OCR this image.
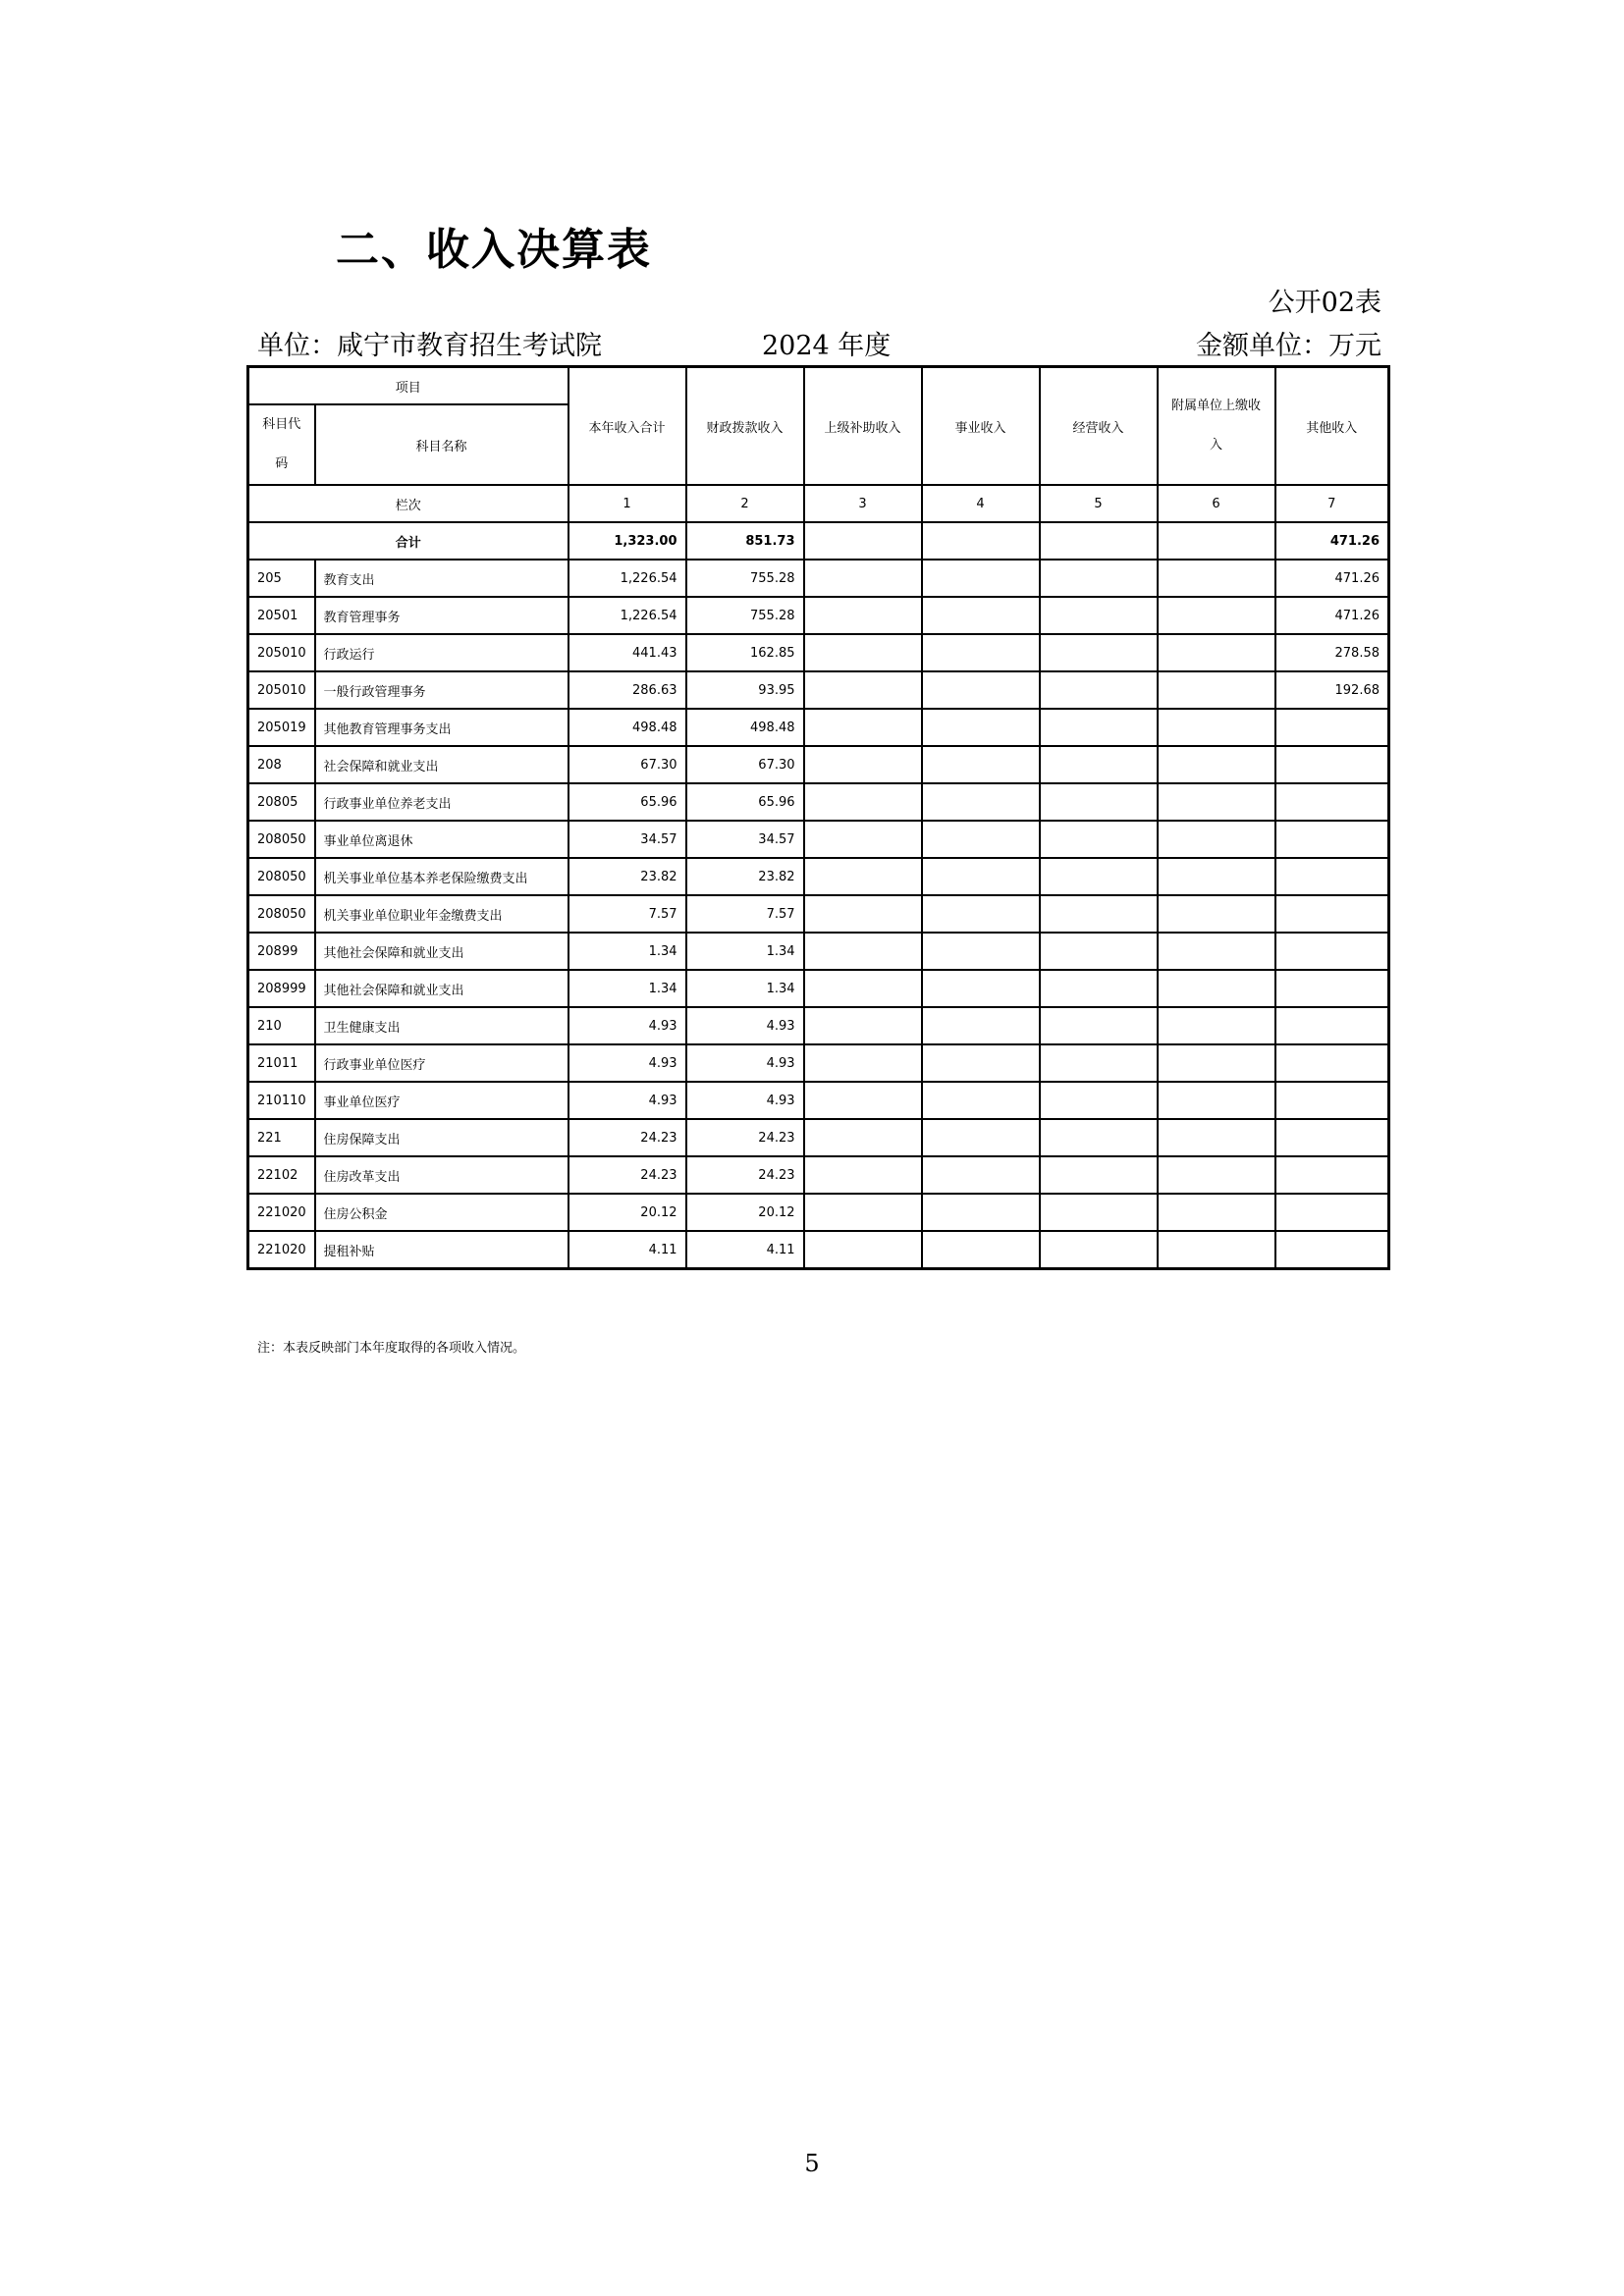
二、收入决算表
公开02表
单位：咸宁市教育招生考试院	2024 年度	金额单位：万元
项目		本年收入合计	财政拨款收入	上级补助收入	事业收入	经营收入	附属单位上缴收入	其他收入
科目代码	科目名称							
栏次		1	2	3	4	5	6	7
合计		1,323.00	851.73					471.26
205	教育支出	1,226.54	755.28					471.26
20501	教育管理事务	1,226.54	755.28					471.26
205010	行政运行	441.43	162.85					278.58
205010	一般行政管理事务	286.63	93.95					192.68
205019	其他教育管理事务支出	498.48	498.48					
208	社会保障和就业支出	67.30	67.30					
20805	行政事业单位养老支出	65.96	65.96					
208050	事业单位离退休	34.57	34.57					
208050	机关事业单位基本养老保险缴费支出	23.82	23.82					
208050	机关事业单位职业年金缴费支出	7.57	7.57					
20899	其他社会保障和就业支出	1.34	1.34					
208999	其他社会保障和就业支出	1.34	1.34					
210	卫生健康支出	4.93	4.93					
21011	行政事业单位医疗	4.93	4.93					
210110	事业单位医疗	4.93	4.93					
221	住房保障支出	24.23	24.23					
22102	住房改革支出	24.23	24.23					
221020	住房公积金	20.12	20.12					
221020	提租补贴	4.11	4.11					
注：本表反映部门本年度取得的各项收入情况。
5
